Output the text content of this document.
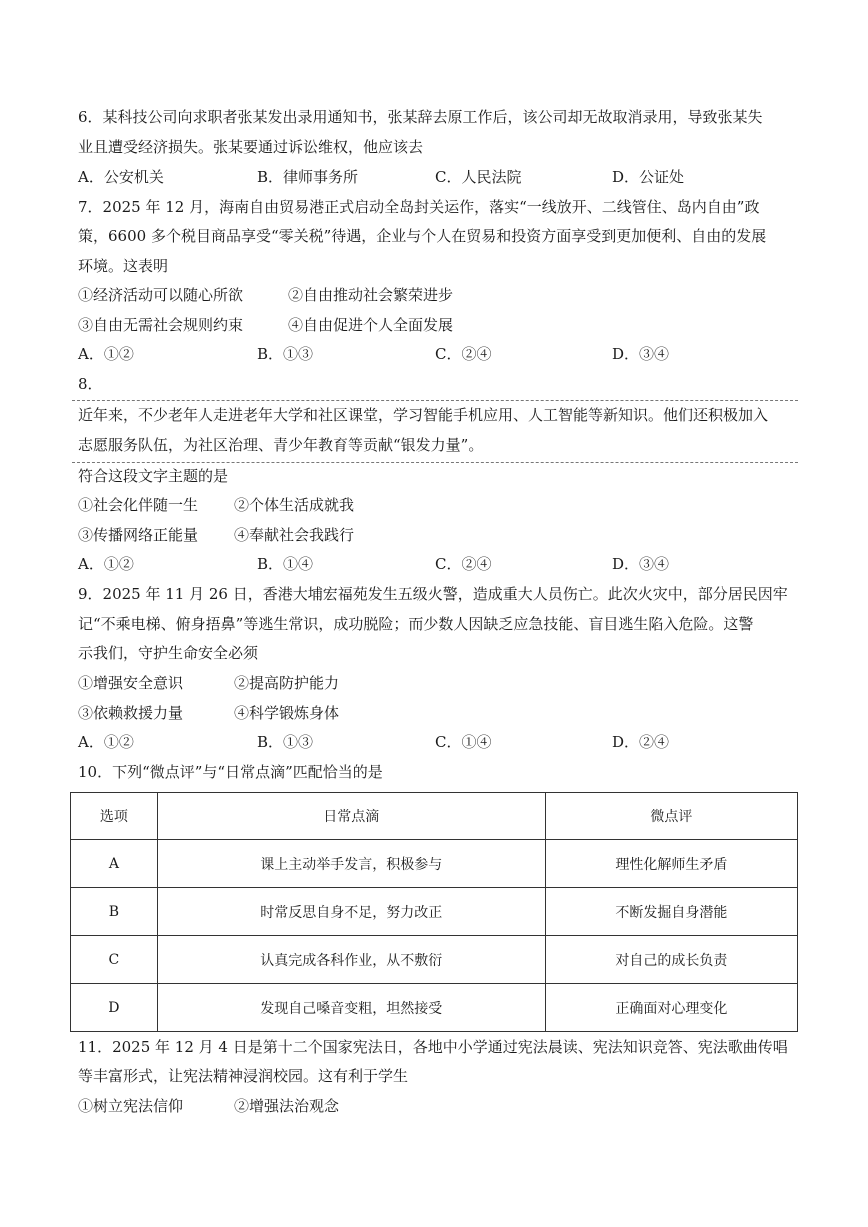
6．某科技公司向求职者张某发出录用通知书，张某辞去原工作后，该公司却无故取消录用，导致张某失
业且遭受经济损失。张某要通过诉讼维权，他应该去
A．公安机关	B．律师事务所	C．人民法院	D．公证处
7．2025 年 12 月，海南自由贸易港正式启动全岛封关运作，落实“一线放开、二线管住、岛内自由”政
策，6600 多个税目商品享受“零关税”待遇，企业与个人在贸易和投资方面享受到更加便利、自由的发展
环境。这表明
①经济活动可以随心所欲	②自由推动社会繁荣进步
③自由无需社会规则约束	④自由促进个人全面发展
A．①②	B．①③	C．②④	D．③④
8．
近年来，不少老年人走进老年大学和社区课堂，学习智能手机应用、人工智能等新知识。他们还积极加入
志愿服务队伍，为社区治理、青少年教育等贡献“银发力量”。
符合这段文字主题的是
①社会化伴随一生 ②个体生活成就我
③传播网络正能量 ④奉献社会我践行
A．①②	B．①④	C．②④	D．③④
9．2025 年 11 月 26 日，香港大埔宏福苑发生五级火警，造成重大人员伤亡。此次火灾中，部分居民因牢
记“不乘电梯、俯身捂鼻”等逃生常识，成功脱险；而少数人因缺乏应急技能、盲目逃生陷入危险。这警
示我们，守护生命安全必须
①增强安全意识	②提高防护能力
③依赖救援力量	④科学锻炼身体
A．①②	B．①③	C．①④	D．②④
10．下列“微点评”与“日常点滴”匹配恰当的是
选项	日常点滴	微点评
A	课上主动举手发言，积极参与	理性化解师生矛盾
B	时常反思自身不足，努力改正	不断发掘自身潜能
C	认真完成各科作业，从不敷衍	对自己的成长负责
D	发现自己嗓音变粗，坦然接受	正确面对心理变化
11．2025 年 12 月 4 日是第十二个国家宪法日，各地中小学通过宪法晨读、宪法知识竞答、宪法歌曲传唱
等丰富形式，让宪法精神浸润校园。这有利于学生
①树立宪法信仰	②增强法治观念
